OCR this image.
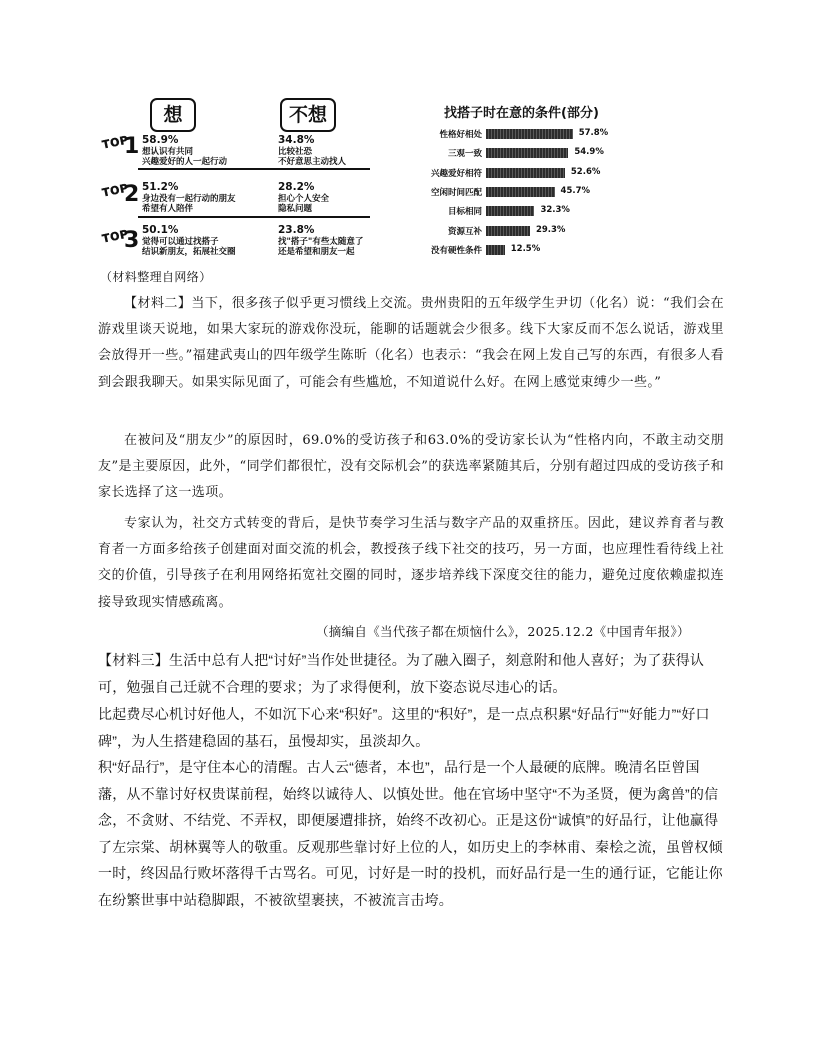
想	不想
TOP
1 58.9%
想认识有共同
兴趣爱好的人一起行动
34.8%
比较社恐
不好意思主动找人
TOP
2 51.2%
身边没有一起行动的朋友
希望有人陪伴
28.2%
担心个人安全
隐私问题
TOP
3 50.1%
觉得可以通过找搭子
结识新朋友，拓展社交圈
23.8%
找"搭子"有些太随意了
还是希望和朋友一起
找搭子时在意的条件(部分)
性格好相处	57.8%
三观一致	54.9%
兴趣爱好相符	52.6%
空闲时间匹配	45.7%
目标相同	32.3%
资源互补	29.3%
没有硬性条件	12.5%
（材料整理自网络）
【材料二】当下，很多孩子似乎更习惯线上交流。贵州贵阳的五年级学生尹切（化名）说：“我们会在游戏里谈天说地，如果大家玩的游戏你没玩，能聊的话题就会少很多。线下大家反而不怎么说话，游戏里会放得开一些。”福建武夷山的四年级学生陈昕（化名）也表示：“我会在网上发自己写的东西，有很多人看到会跟我聊天。如果实际见面了，可能会有些尴尬，不知道说什么好。在网上感觉束缚少一些。”
在被问及“朋友少”的原因时，69.0%的受访孩子和63.0%的受访家长认为“性格内向，不敢主动交朋友”是主要原因，此外，“同学们都很忙，没有交际机会”的获选率紧随其后，分别有超过四成的受访孩子和家长选择了这一选项。
专家认为，社交方式转变的背后，是快节奏学习生活与数字产品的双重挤压。因此，建议养育者与教育者一方面多给孩子创建面对面交流的机会，教授孩子线下社交的技巧，另一方面，也应理性看待线上社交的价值，引导孩子在利用网络拓宽社交圈的同时，逐步培养线下深度交往的能力，避免过度依赖虚拟连接导致现实情感疏离。
（摘编自《当代孩子都在烦恼什么》，2025.12.2《中国青年报》）
【材料三】生活中总有人把“讨好”当作处世捷径。为了融入圈子，刻意附和他人喜好；为了获得认可，勉强自己迁就不合理的要求；为了求得便利，放下姿态说尽违心的话。
比起费尽心机讨好他人，不如沉下心来“积好”。这里的“积好”，是一点点积累“好品行”“好能力”“好口碑”，为人生搭建稳固的基石，虽慢却实，虽淡却久。
积“好品行”，是守住本心的清醒。古人云“德者，本也”，品行是一个人最硬的底牌。晚清名臣曾国藩，从不靠讨好权贵谋前程，始终以诚待人、以慎处世。他在官场中坚守“不为圣贤，便为禽兽”的信念，不贪财、不结党、不弄权，即便屡遭排挤，始终不改初心。正是这份“诚慎”的好品行，让他赢得了左宗棠、胡林翼等人的敬重。反观那些靠讨好上位的人，如历史上的李林甫、秦桧之流，虽曾权倾一时，终因品行败坏落得千古骂名。可见，讨好是一时的投机，而好品行是一生的通行证，它能让你在纷繁世事中站稳脚跟，不被欲望裹挟，不被流言击垮。
